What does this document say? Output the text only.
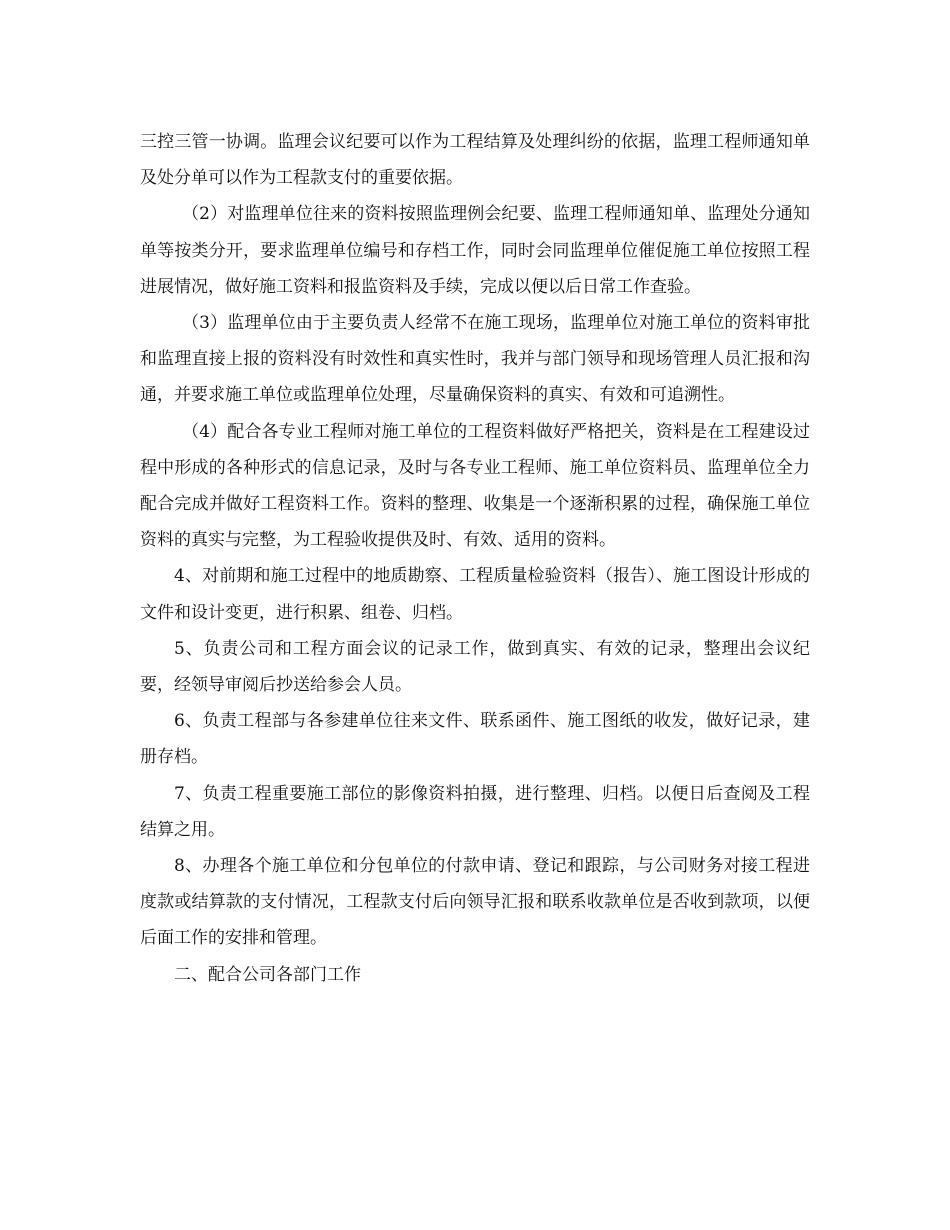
三控三管一协调。监理会议纪要可以作为工程结算及处理纠纷的依据，监理工程师通知单及处分单可以作为工程款支付的重要依据。

（2）对监理单位往来的资料按照监理例会纪要、监理工程师通知单、监理处分通知单等按类分开，要求监理单位编号和存档工作，同时会同监理单位催促施工单位按照工程进展情况，做好施工资料和报监资料及手续，完成以便以后日常工作查验。

（3）监理单位由于主要负责人经常不在施工现场，监理单位对施工单位的资料审批和监理直接上报的资料没有时效性和真实性时，我并与部门领导和现场管理人员汇报和沟通，并要求施工单位或监理单位处理，尽量确保资料的真实、有效和可追溯性。

（4）配合各专业工程师对施工单位的工程资料做好严格把关，资料是在工程建设过程中形成的各种形式的信息记录，及时与各专业工程师、施工单位资料员、监理单位全力配合完成并做好工程资料工作。资料的整理、收集是一个逐渐积累的过程，确保施工单位资料的真实与完整，为工程验收提供及时、有效、适用的资料。

4、对前期和施工过程中的地质勘察、工程质量检验资料（报告）、施工图设计形成的文件和设计变更，进行积累、组卷、归档。

5、负责公司和工程方面会议的记录工作，做到真实、有效的记录，整理出会议纪要，经领导审阅后抄送给参会人员。

6、负责工程部与各参建单位往来文件、联系函件、施工图纸的收发，做好记录，建册存档。

7、负责工程重要施工部位的影像资料拍摄，进行整理、归档。以便日后查阅及工程结算之用。

8、办理各个施工单位和分包单位的付款申请、登记和跟踪，与公司财务对接工程进度款或结算款的支付情况，工程款支付后向领导汇报和联系收款单位是否收到款项，以便后面工作的安排和管理。

二、配合公司各部门工作
